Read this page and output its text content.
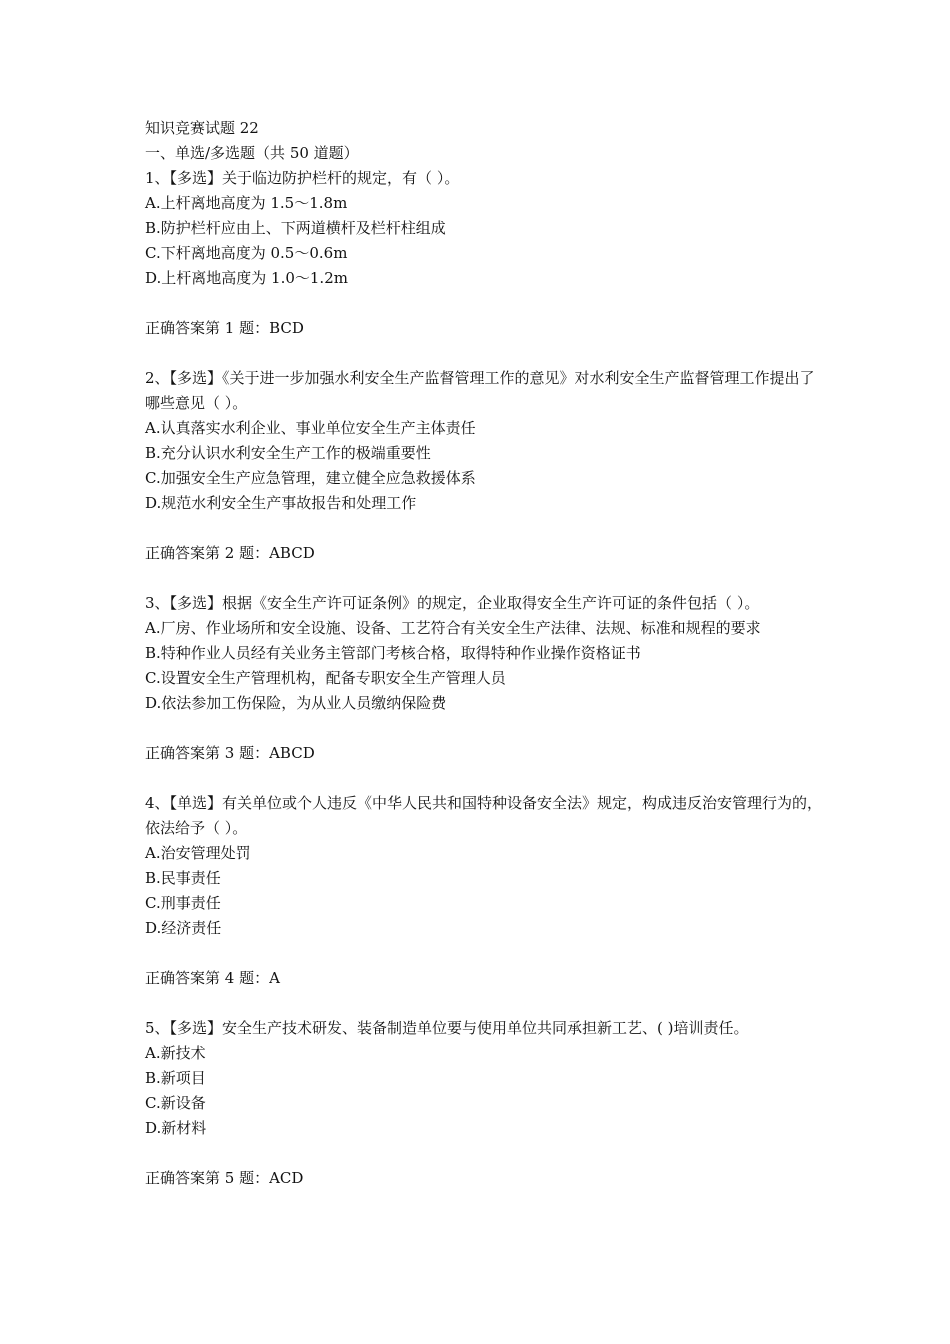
知识竞赛试题 22

一、单选/多选题（共 50 道题）

1、【多选】关于临边防护栏杆的规定，有（ ）。

A.上杆离地高度为 1.5～1.8m

B.防护栏杆应由上、下两道横杆及栏杆柱组成

C.下杆离地高度为 0.5～0.6m

D.上杆离地高度为 1.0～1.2m

正确答案第 1 题：BCD

2、【多选】《关于进一步加强水利安全生产监督管理工作的意见》对水利安全生产监督管理工作提出了哪些意见（ ）。

A.认真落实水利企业、事业单位安全生产主体责任

B.充分认识水利安全生产工作的极端重要性

C.加强安全生产应急管理，建立健全应急救援体系

D.规范水利安全生产事故报告和处理工作

正确答案第 2 题：ABCD

3、【多选】根据《安全生产许可证条例》的规定，企业取得安全生产许可证的条件包括（ ）。

A.厂房、作业场所和安全设施、设备、工艺符合有关安全生产法律、法规、标准和规程的要求

B.特种作业人员经有关业务主管部门考核合格，取得特种作业操作资格证书

C.设置安全生产管理机构，配备专职安全生产管理人员

D.依法参加工伤保险，为从业人员缴纳保险费

正确答案第 3 题：ABCD

4、【单选】有关单位或个人违反《中华人民共和国特种设备安全法》规定，构成违反治安管理行为的，依法给予（ ）。

A.治安管理处罚

B.民事责任

C.刑事责任

D.经济责任

正确答案第 4 题：A

5、【多选】安全生产技术研发、装备制造单位要与使用单位共同承担新工艺、( )培训责任。

A.新技术

B.新项目

C.新设备

D.新材料

正确答案第 5 题：ACD
